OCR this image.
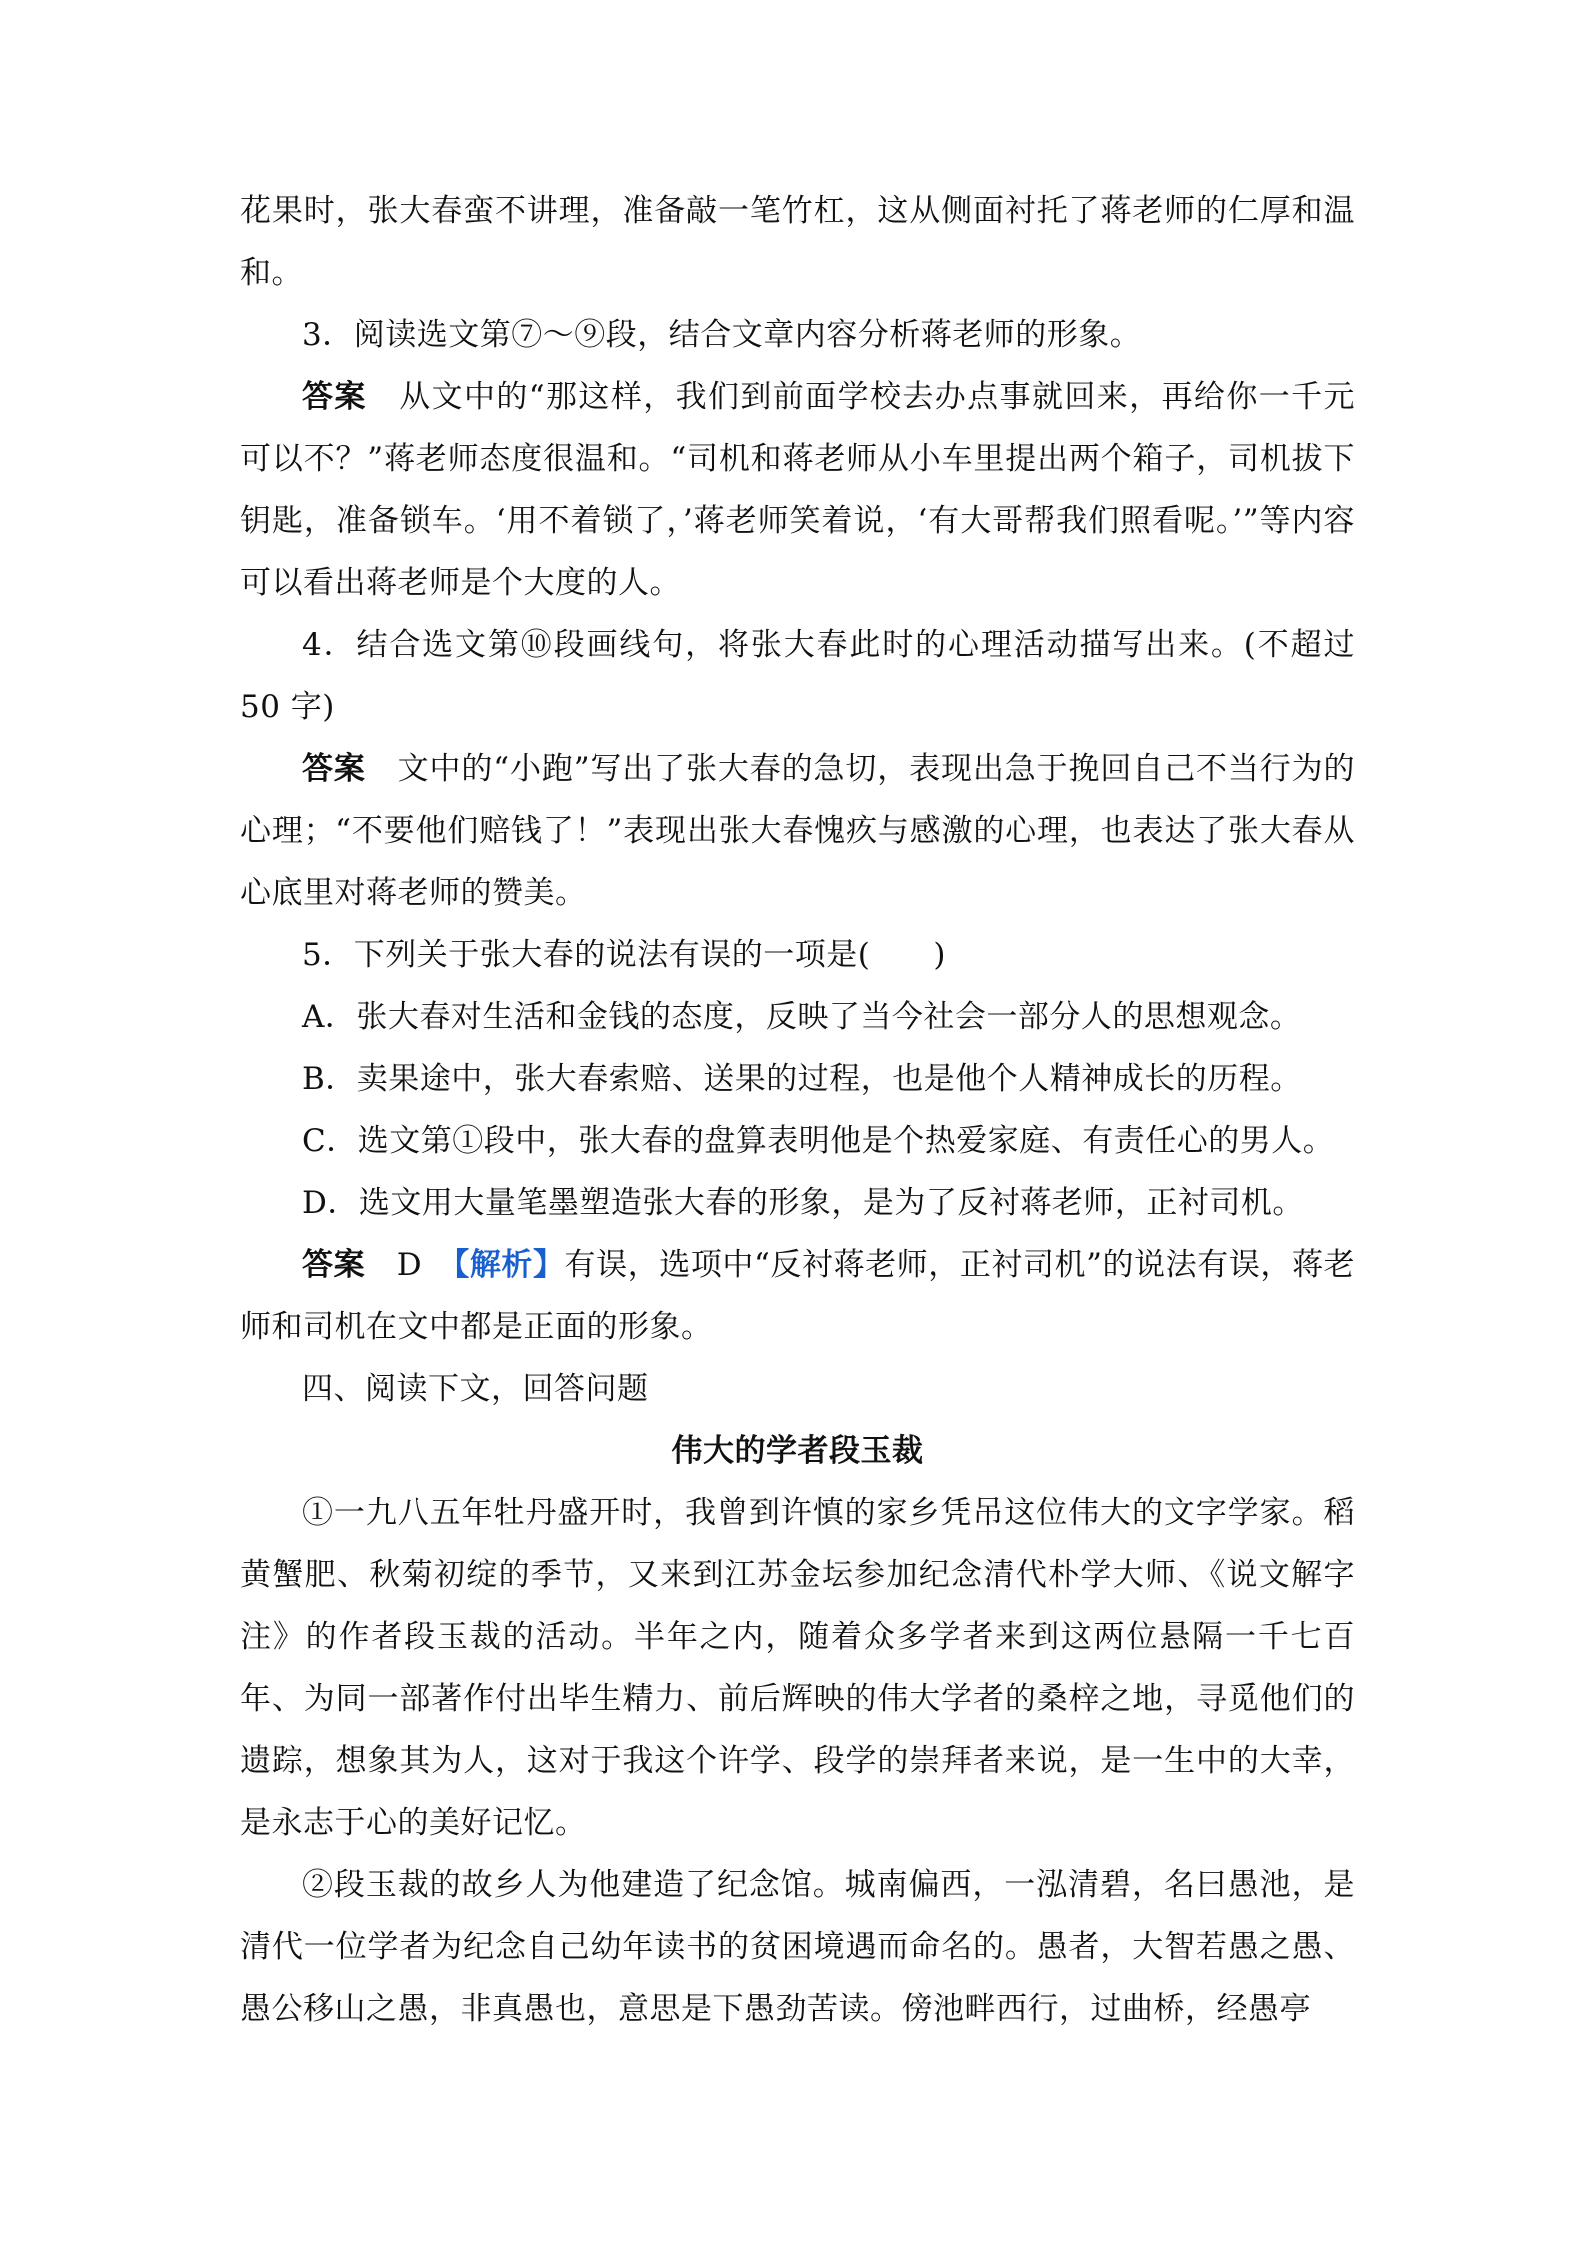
花果时，张大春蛮不讲理，准备敲一笔竹杠，这从侧面衬托了蒋老师的仁厚和温和。

3．阅读选文第⑦～⑨段，结合文章内容分析蒋老师的形象。

答案　 从文中的“那这样，我们到前面学校去办点事就回来，再给你一千元可以不？”蒋老师态度很温和。“司机和蒋老师从小车里提出两个箱子，司机拔下钥匙，准备锁车。‘用不着锁了，’蒋老师笑着说，‘有大哥帮我们照看呢。’”等内容可以看出蒋老师是个大度的人。

4．结合选文第⑩段画线句，将张大春此时的心理活动描写出来。(不超过 50 字)

答案　 文中的“小跑”写出了张大春的急切，表现出急于挽回自己不当行为的心理；“不要他们赔钱了！”表现出张大春愧疚与感激的心理，也表达了张大春从心底里对蒋老师的赞美。

5．下列关于张大春的说法有误的一项是(　　)

A．张大春对生活和金钱的态度，反映了当今社会一部分人的思想观念。

B．卖果途中，张大春索赔、送果的过程，也是他个人精神成长的历程。

C．选文第①段中，张大春的盘算表明他是个热爱家庭、有责任心的男人。

D．选文用大量笔墨塑造张大春的形象，是为了反衬蒋老师，正衬司机。

答案　 D　 【解析】有误，选项中“反衬蒋老师，正衬司机”的说法有误，蒋老师和司机在文中都是正面的形象。

四、阅读下文，回答问题

伟大的学者段玉裁

①一九八五年牡丹盛开时，我曾到许慎的家乡凭吊这位伟大的文字学家。稻黄蟹肥、秋菊初绽的季节，又来到江苏金坛参加纪念清代朴学大师、《说文解字注》的作者段玉裁的活动。半年之内，随着众多学者来到这两位悬隔一千七百年、为同一部著作付出毕生精力、前后辉映的伟大学者的桑梓之地，寻觅他们的遗踪，想象其为人，这对于我这个许学、段学的崇拜者来说，是一生中的大幸，是永志于心的美好记忆。

②段玉裁的故乡人为他建造了纪念馆。城南偏西，一泓清碧，名曰愚池，是清代一位学者为纪念自己幼年读书的贫困境遇而命名的。愚者，大智若愚之愚、愚公移山之愚，非真愚也，意思是下愚劲苦读。傍池畔西行，过曲桥，经愚亭
